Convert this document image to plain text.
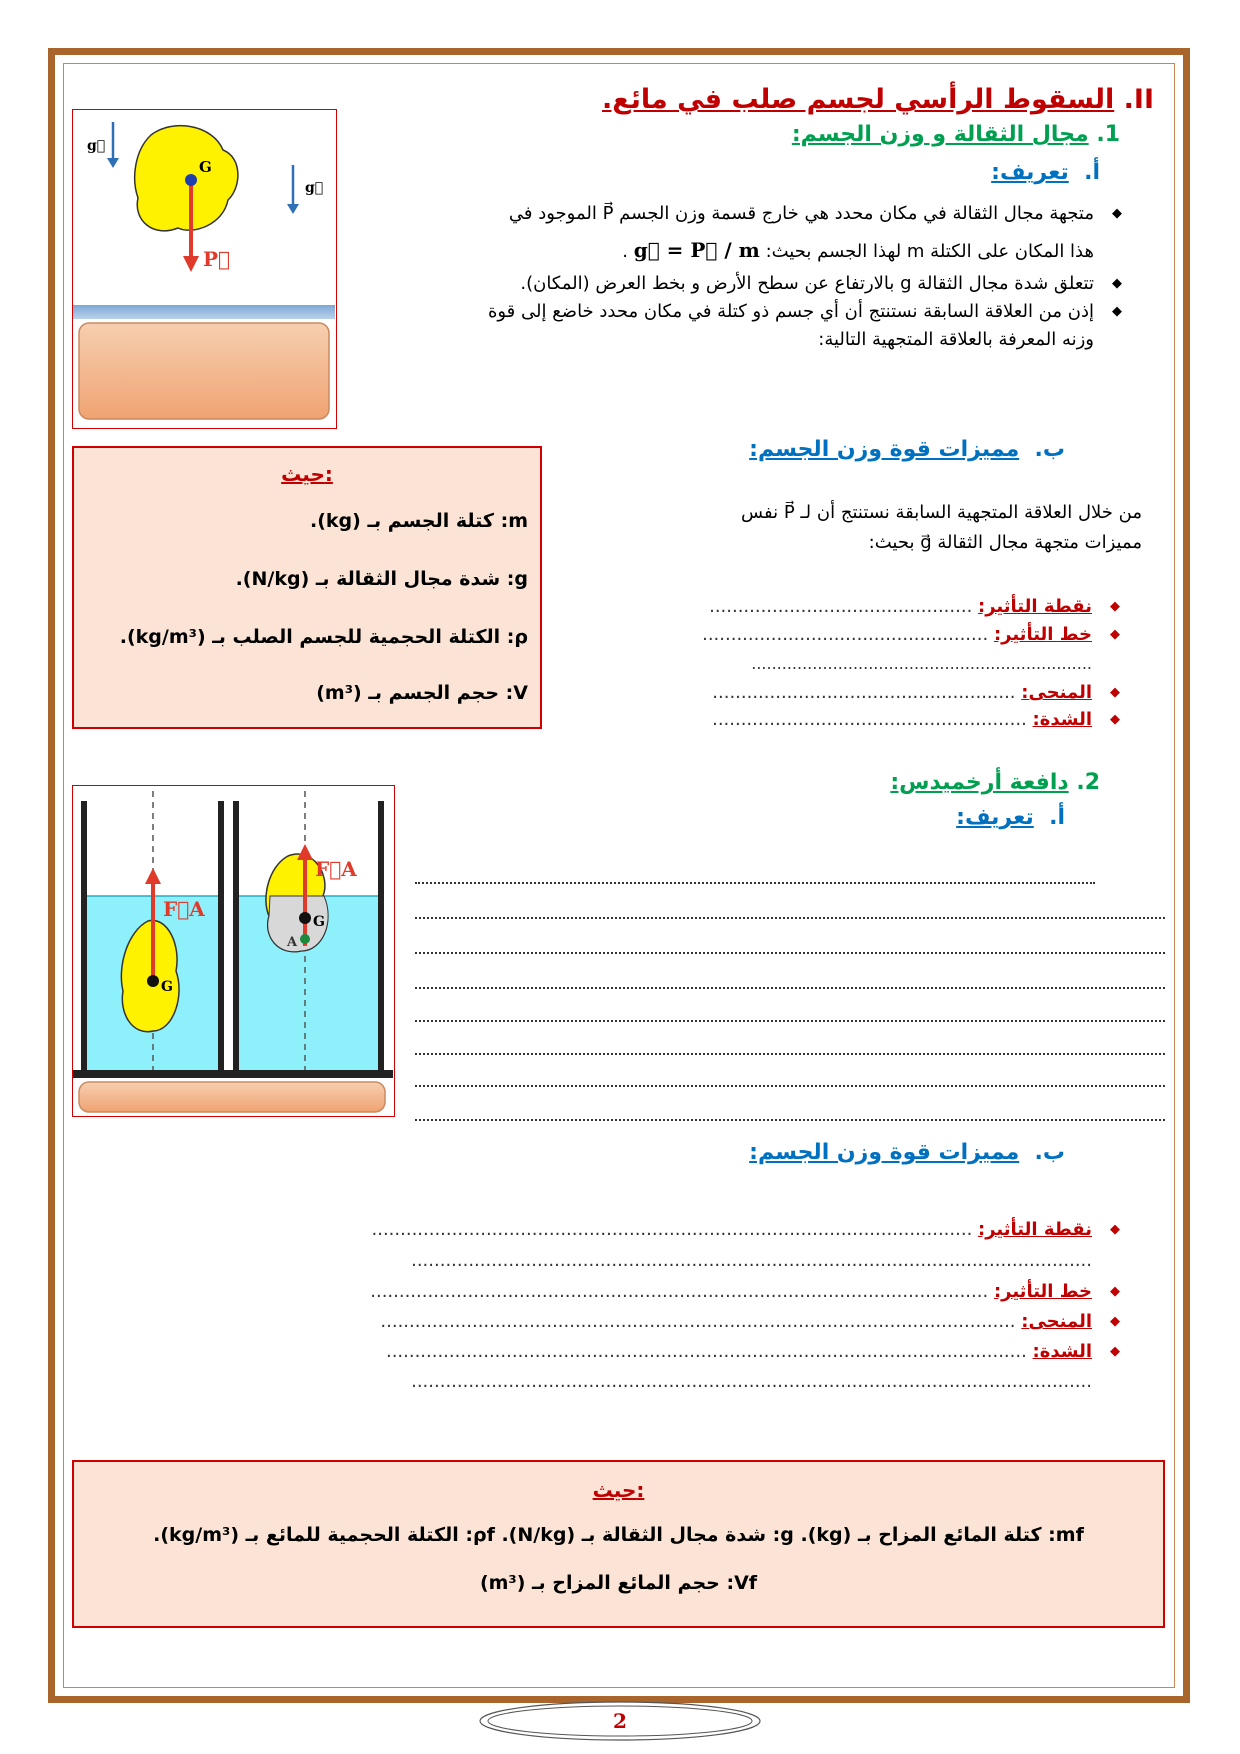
II. السقوط الرأسي لجسم صلب في مائع.
1. مجال الثقالة و وزن الجسم:
أ.  تعريف:
◆ متجهة مجال الثقالة في مكان محدد هي خارج قسمة وزن الجسم P⃗ الموجود في
هذا المكان على الكتلة m لهذا الجسم بحيث: g⃗ = P⃗ / m .
◆ تتعلق شدة مجال الثقالة g بالارتفاع عن سطح الأرض و بخط العرض (المكان).
◆ إذن من العلاقة السابقة نستنتج أن أي جسم ذو كتلة في مكان محدد خاضع إلى قوة
وزنه المعرفة بالعلاقة المتجهية التالية:
g⃗
g⃗
G
P⃗
ب.  مميزات قوة وزن الجسم:
من خلال العلاقة المتجهية السابقة نستنتج أن لـ P⃗ نفس
مميزات متجهة مجال الثقالة g⃗ بحيث:
◆ نقطة التأثير: ..............................................
◆ خط التأثير: ..................................................
...................................................................
◆ المنحى: .....................................................
◆ الشدة: .......................................................
حيث:
m: كتلة الجسم بـ (kg).
g: شدة مجال الثقالة بـ (N/kg).
ρ: الكتلة الحجمية للجسم الصلب بـ (kg/m³).
V: حجم الجسم بـ (m³)
2. دافعة أرخميدس:
أ.  تعريف:
F⃗A
F⃗A
G
G
A
ب.  مميزات قوة وزن الجسم:
◆ نقطة التأثير: .........................................................................................................
.......................................................................................................................
◆ خط التأثير: ............................................................................................................
◆ المنحى: ...............................................................................................................
◆ الشدة: ................................................................................................................
.......................................................................................................................
حيث:
mf: كتلة المائع المزاح بـ (kg). g: شدة مجال الثقالة بـ (N/kg). ρf: الكتلة الحجمية للمائع بـ (kg/m³).
Vf: حجم المائع المزاح بـ (m³)
2
